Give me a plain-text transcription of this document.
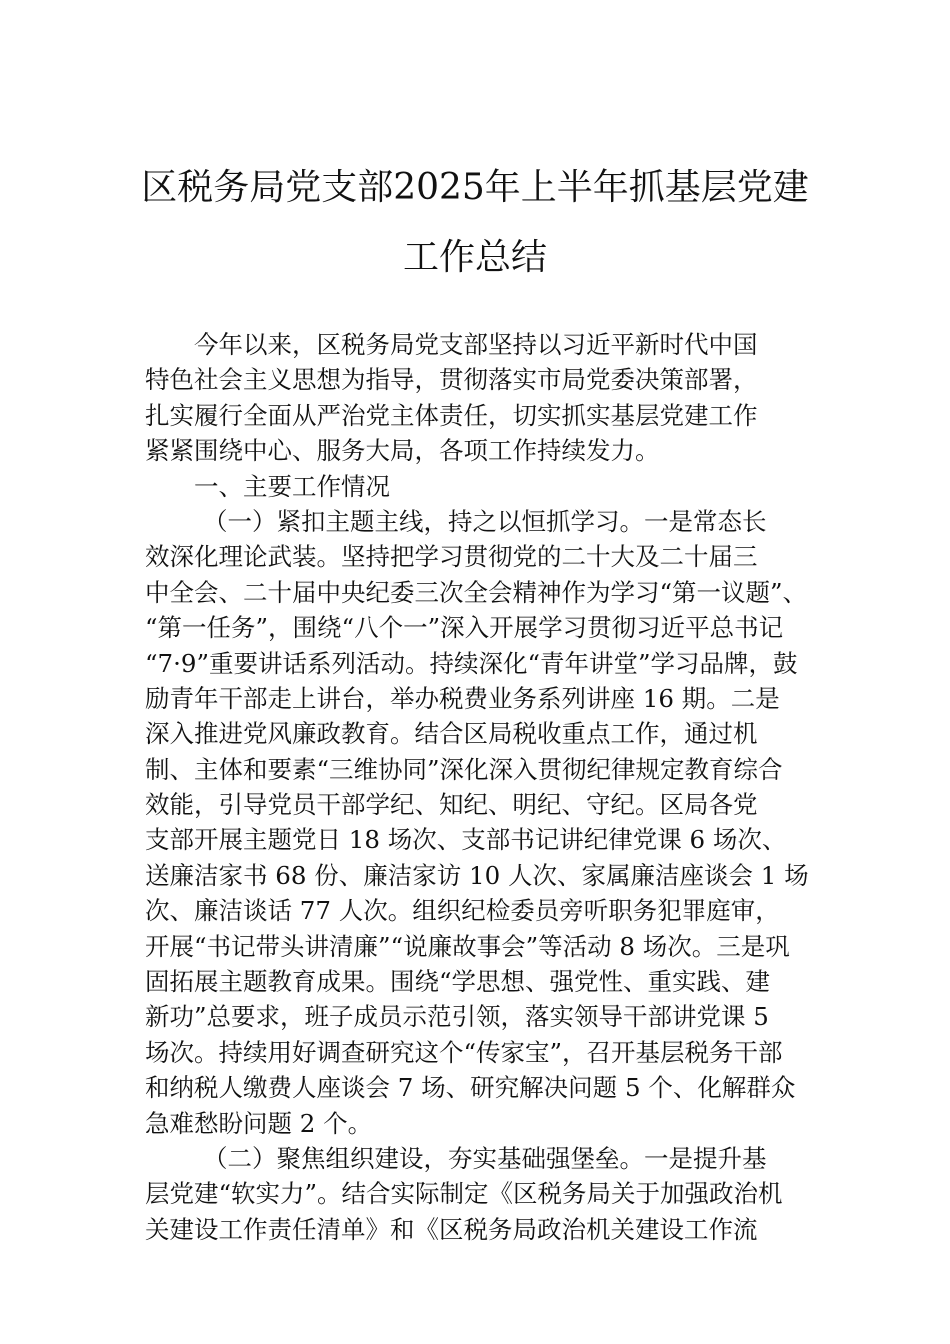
区税务局党支部2025年上半年抓基层党建
工作总结

今年以来，区税务局党支部坚持以习近平新时代中国

特色社会主义思想为指导，贯彻落实市局党委决策部署，

扎实履行全面从严治党主体责任，切实抓实基层党建工作

紧紧围绕中心、服务大局，各项工作持续发力。

一、主要工作情况

（一）紧扣主题主线，持之以恒抓学习。一是常态长

效深化理论武装。坚持把学习贯彻党的二十大及二十届三

中全会、二十届中央纪委三次全会精神作为学习“第一议题”、

“第一任务”，围绕“八个一”深入开展学习贯彻习近平总书记

“7·9”重要讲话系列活动。持续深化“青年讲堂”学习品牌，鼓

励青年干部走上讲台，举办税费业务系列讲座 16 期。二是

深入推进党风廉政教育。结合区局税收重点工作，通过机

制、主体和要素“三维协同”深化深入贯彻纪律规定教育综合

效能，引导党员干部学纪、知纪、明纪、守纪。区局各党

支部开展主题党日 18 场次、支部书记讲纪律党课 6 场次、

送廉洁家书 68 份、廉洁家访 10 人次、家属廉洁座谈会 1 场

次、廉洁谈话 77 人次。组织纪检委员旁听职务犯罪庭审，

开展“书记带头讲清廉”“说廉故事会”等活动 8 场次。三是巩

固拓展主题教育成果。围绕“学思想、强党性、重实践、建

新功”总要求，班子成员示范引领，落实领导干部讲党课 5

场次。持续用好调查研究这个“传家宝”，召开基层税务干部

和纳税人缴费人座谈会 7 场、研究解决问题 5 个、化解群众

急难愁盼问题 2 个。

（二）聚焦组织建设，夯实基础强堡垒。一是提升基

层党建“软实力”。结合实际制定《区税务局关于加强政治机

关建设工作责任清单》和《区税务局政治机关建设工作流
